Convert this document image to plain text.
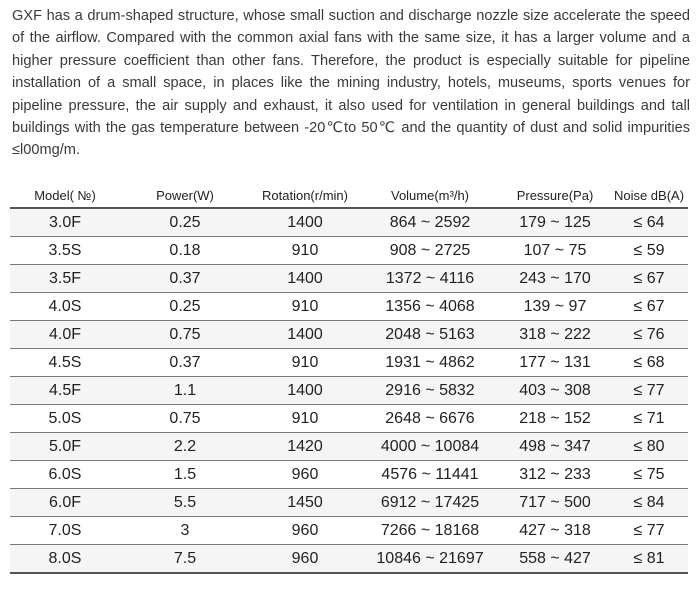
GXF has a drum-shaped structure, whose small suction and discharge nozzle size accelerate the speed of the airflow. Compared with the common axial fans with the same size, it has a larger volume and a higher pressure coefficient than other fans. Therefore, the product is especially suitable for pipeline installation of a small space, in places like the mining industry, hotels, museums, sports venues for pipeline pressure, the air supply and exhaust, it also used for ventilation in general buildings and tall buildings with the gas temperature between -20℃to 50℃ and the quantity of dust and solid impurities ≤l00mg/m.

Model( №)	Power(W)	Rotation(r/min)	Volume(m³/h)	Pressure(Pa)	Noise dB(A)
3.0F	0.25	1400	864 ~ 2592	179 ~ 125	≤ 64
3.5S	0.18	910	908 ~ 2725	107 ~ 75	≤ 59
3.5F	0.37	1400	1372 ~ 4116	243 ~ 170	≤ 67
4.0S	0.25	910	1356 ~ 4068	139 ~ 97	≤ 67
4.0F	0.75	1400	2048 ~ 5163	318 ~ 222	≤ 76
4.5S	0.37	910	1931 ~ 4862	177 ~ 131	≤ 68
4.5F	1.1	1400	2916 ~ 5832	403 ~ 308	≤ 77
5.0S	0.75	910	2648 ~ 6676	218 ~ 152	≤ 71
5.0F	2.2	1420	4000 ~ 10084	498 ~ 347	≤ 80
6.0S	1.5	960	4576 ~ 11441	312 ~ 233	≤ 75
6.0F	5.5	1450	6912 ~ 17425	717 ~ 500	≤ 84
7.0S	3	960	7266 ~ 18168	427 ~ 318	≤ 77
8.0S	7.5	960	10846 ~ 21697	558 ~ 427	≤ 81
